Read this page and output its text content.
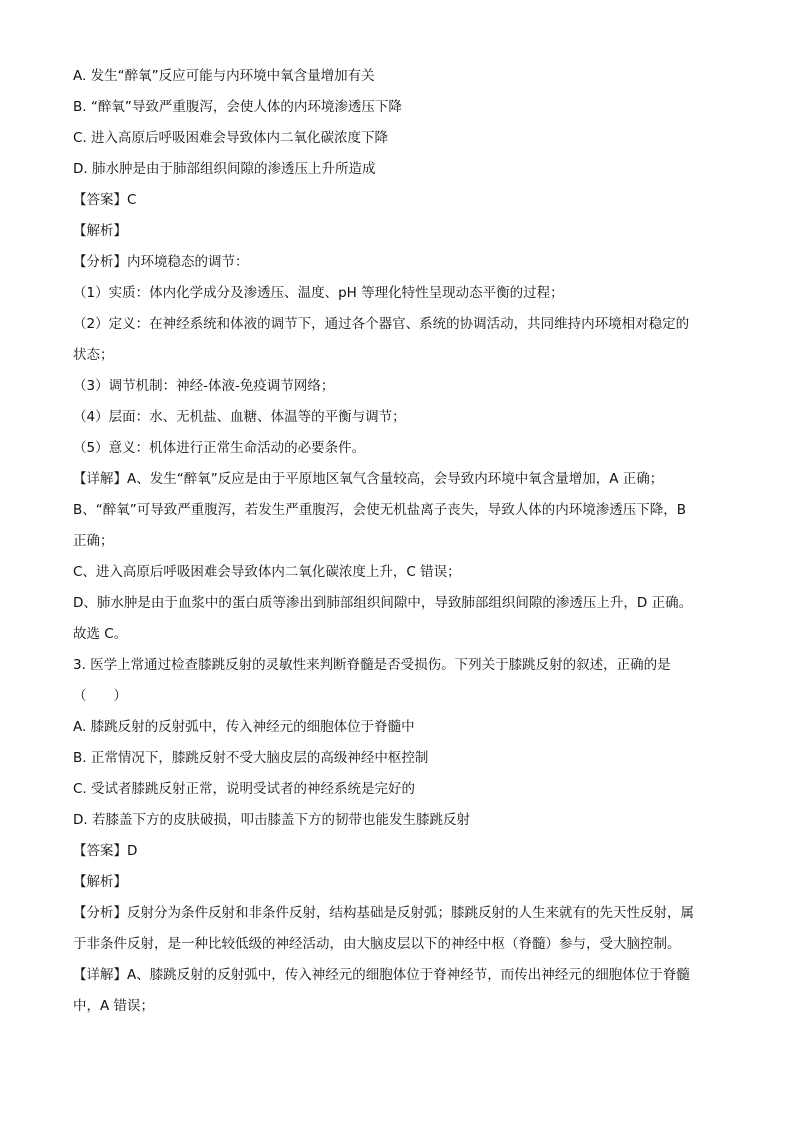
A. 发生“醉氧”反应可能与内环境中氧含量增加有关
B. “醉氧”导致严重腹泻，会使人体的内环境渗透压下降
C. 进入高原后呼吸困难会导致体内二氧化碳浓度下降
D. 肺水肿是由于肺部组织间隙的渗透压上升所造成
【答案】C
【解析】
【分析】内环境稳态的调节：
（1）实质：体内化学成分及渗透压、温度、pH 等理化特性呈现动态平衡的过程；
（2）定义：在神经系统和体液的调节下，通过各个器官、系统的协调活动，共同维持内环境相对稳定的
状态；
（3）调节机制：神经-体液-免疫调节网络；
（4）层面：水、无机盐、血糖、体温等的平衡与调节；
（5）意义：机体进行正常生命活动的必要条件。
【详解】A、发生“醉氧”反应是由于平原地区氧气含量较高，会导致内环境中氧含量增加，A 正确；
B、“醉氧”可导致严重腹泻，若发生严重腹泻，会使无机盐离子丧失，导致人体的内环境渗透压下降，B
正确；
C、进入高原后呼吸困难会导致体内二氧化碳浓度上升，C 错误；
D、肺水肿是由于血浆中的蛋白质等渗出到肺部组织间隙中，导致肺部组织间隙的渗透压上升，D 正确。
故选 C。
3. 医学上常通过检查膝跳反射的灵敏性来判断脊髓是否受损伤。下列关于膝跳反射的叙述，正确的是
（　　）
A. 膝跳反射的反射弧中，传入神经元的细胞体位于脊髓中
B. 正常情况下，膝跳反射不受大脑皮层的高级神经中枢控制
C. 受试者膝跳反射正常，说明受试者的神经系统是完好的
D. 若膝盖下方的皮肤破损，叩击膝盖下方的韧带也能发生膝跳反射
【答案】D
【解析】
【分析】反射分为条件反射和非条件反射，结构基础是反射弧；膝跳反射的人生来就有的先天性反射，属
于非条件反射，是一种比较低级的神经活动，由大脑皮层以下的神经中枢（脊髓）参与，受大脑控制。
【详解】A、膝跳反射的反射弧中，传入神经元的细胞体位于脊神经节，而传出神经元的细胞体位于脊髓
中，A 错误；
